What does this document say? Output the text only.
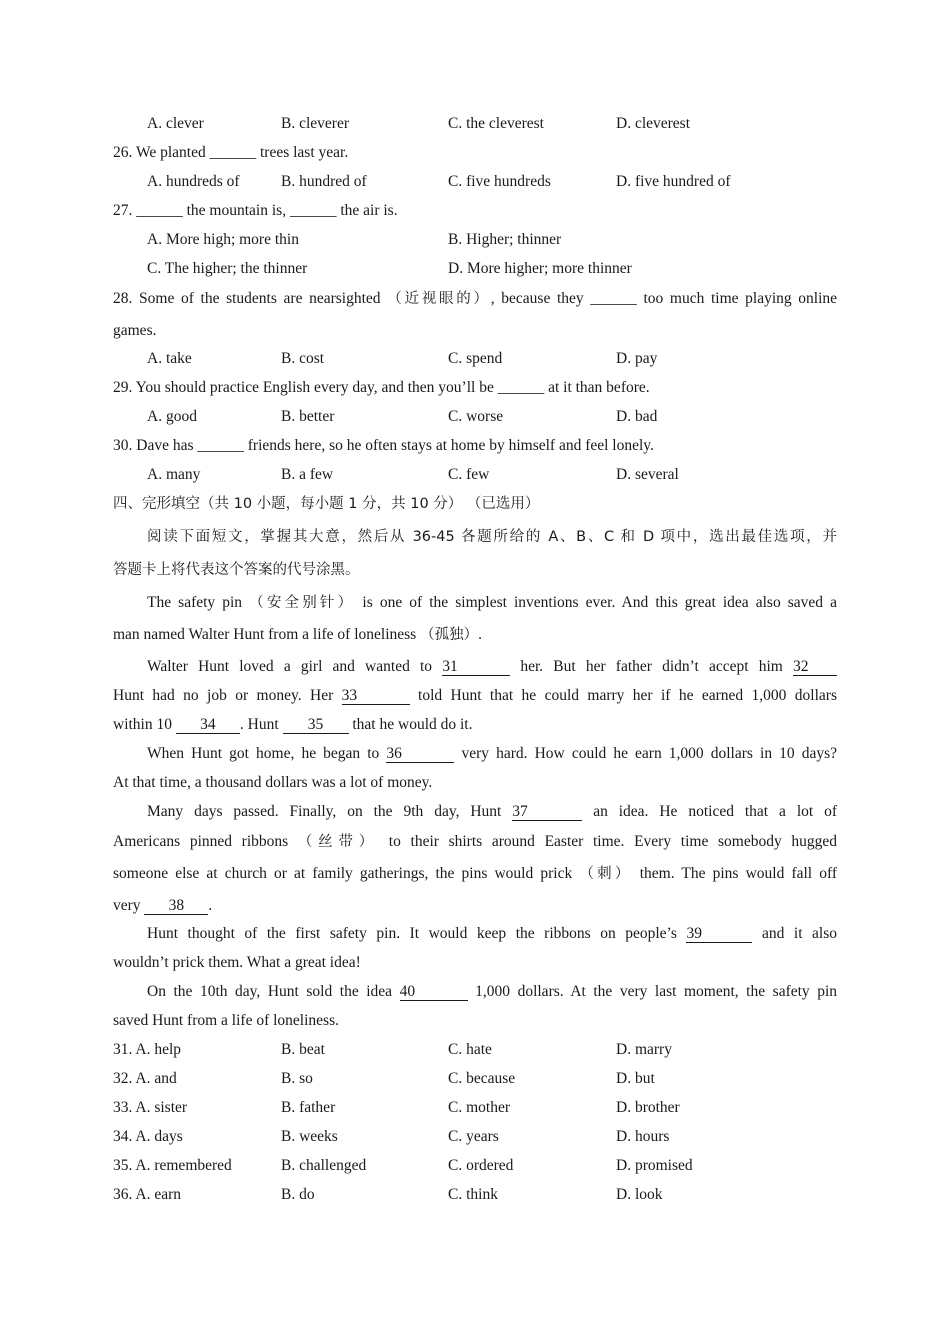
A. clever	B. cleverer	C. the cleverest	D. cleverest
26. We planted ______ trees last year.
A. hundreds of	B. hundred of	C. five hundreds	D. five hundred of
27. ______ the mountain is, ______ the air is.
A. More high; more thin	B. Higher; thinner
C. The higher; the thinner	D. More higher; more thinner
28. Some of the students are nearsighted （近视眼的）, because they ______ too much time playing online
games.
A. take	B. cost	C. spend	D. pay
29. You should practice English every day, and then you’ll be ______ at it than before.
A. good	B. better	C. worse	D. bad
30. Dave has ______ friends here, so he often stays at home by himself and feel lonely.
A. many	B. a few	C. few	D. several
四、完形填空（共 10 小题，每小题 1 分，共 10 分） （已选用）
阅读下面短文，掌握其大意，然后从 36-45 各题所给的 A、B、C 和 D 项中，选出最佳选项，并
答题卡上将代表这个答案的代号涂黑。
The safety pin （安全别针） is one of the simplest inventions ever. And this great idea also saved a
man named Walter Hunt from a life of loneliness （孤独）.
Walter Hunt loved a girl and wanted to 31	her. But her father didn’t accept him 32
Hunt had no job or money. Her 33	told Hunt that he could marry her if he earned 1,000 dollars
within 10 34 . Hunt 35 that he would do it.
When Hunt got home, he began to 36	very hard. How could he earn 1,000 dollars in 10 days?
At that time, a thousand dollars was a lot of money.
Many days passed. Finally, on the 9th day, Hunt 37	an idea. He noticed that a lot of
Americans pinned ribbons （丝带） to their shirts around Easter time. Every time somebody hugged
someone else at church or at family gatherings, the pins would prick （刺） them. The pins would fall off
very 38 .
Hunt thought of the first safety pin. It would keep the ribbons on people’s 39	and it also
wouldn’t prick them. What a great idea!
On the 10th day, Hunt sold the idea 40	1,000 dollars. At the very last moment, the safety pin
saved Hunt from a life of loneliness.
31. A. help	B. beat	C. hate	D. marry
32. A. and	B. so	C. because	D. but
33. A. sister	B. father	C. mother	D. brother
34. A. days	B. weeks	C. years	D. hours
35. A. remembered	B. challenged	C. ordered	D. promised
36. A. earn	B. do	C. think	D. look
